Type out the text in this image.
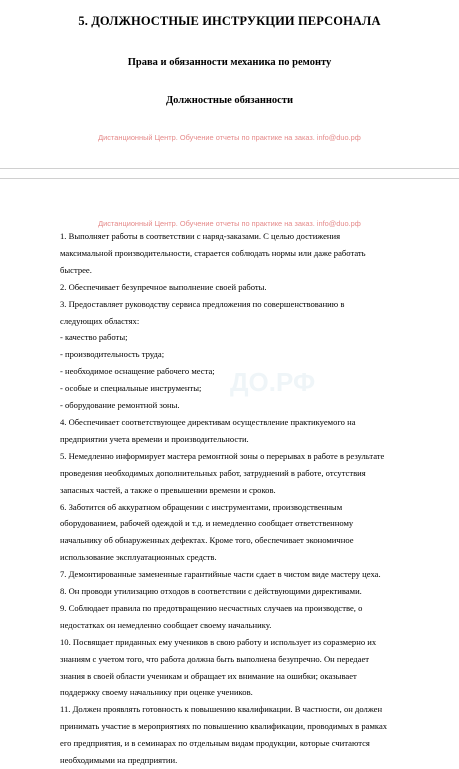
5. ДОЛЖНОСТНЫЕ ИНСТРУКЦИИ ПЕРСОНАЛА
Права и обязанности механика по ремонту
Должностные обязанности
Дистанционный Центр. Обучение отчеты по практике на заказ. info@duo.рф
Дистанционный Центр. Обучение отчеты по практике на заказ. info@duo.рф
ДО.РФ

1. Выполняет работы в соответствии с наряд-заказами. С целью достижения

максимальной производительности, старается соблюдать нормы или даже работать

быстрее.

2. Обеспечивает безупречное выполнение своей работы.

3. Предоставляет руководству сервиса предложения по совершенствованию в

следующих областях:

- качество работы;

- производительность труда;

- необходимое оснащение рабочего места;

- особые и специальные инструменты;

- оборудование ремонтной зоны.

4. Обеспечивает соответствующее директивам осуществление практикуемого на

предприятии учета времени и производительности.

5. Немедленно информирует мастера ремонтной зоны о перерывах в работе в результате

проведения необходимых дополнительных работ, затруднений в работе, отсутствия

запасных частей, а также о превышении времени и сроков.

6. Заботится об аккуратном обращении с инструментами, производственным

оборудованием, рабочей одеждой и т.д. и немедленно сообщает ответственному

начальнику об обнаруженных дефектах. Кроме того, обеспечивает экономичное

использование эксплуатационных средств.

7. Демонтированные замененные гарантийные части сдает в чистом виде мастеру цеха.

8. Он проводи утилизацию отходов в соответствии с действующими директивами.

9. Соблюдает правила по предотвращению несчастных случаев на производстве, о

недостатках он немедленно сообщает своему начальнику.

10. Посвящает приданных ему учеников в свою работу и использует из соразмерно их

знаниям с учетом того, что работа должна быть выполнена безупречно. Он передает

знания в своей области ученикам и обращает их внимание на ошибки; оказывает

поддержку своему начальнику при оценке учеников.

11. Должен проявлять готовность к повышению квалификации. В частности, он должен

принимать участие в мероприятиях по повышению квалификации, проводимых в рамках

его предприятия, и в семинарах по отдельным видам продукции, которые считаются

необходимыми на предприятии.
